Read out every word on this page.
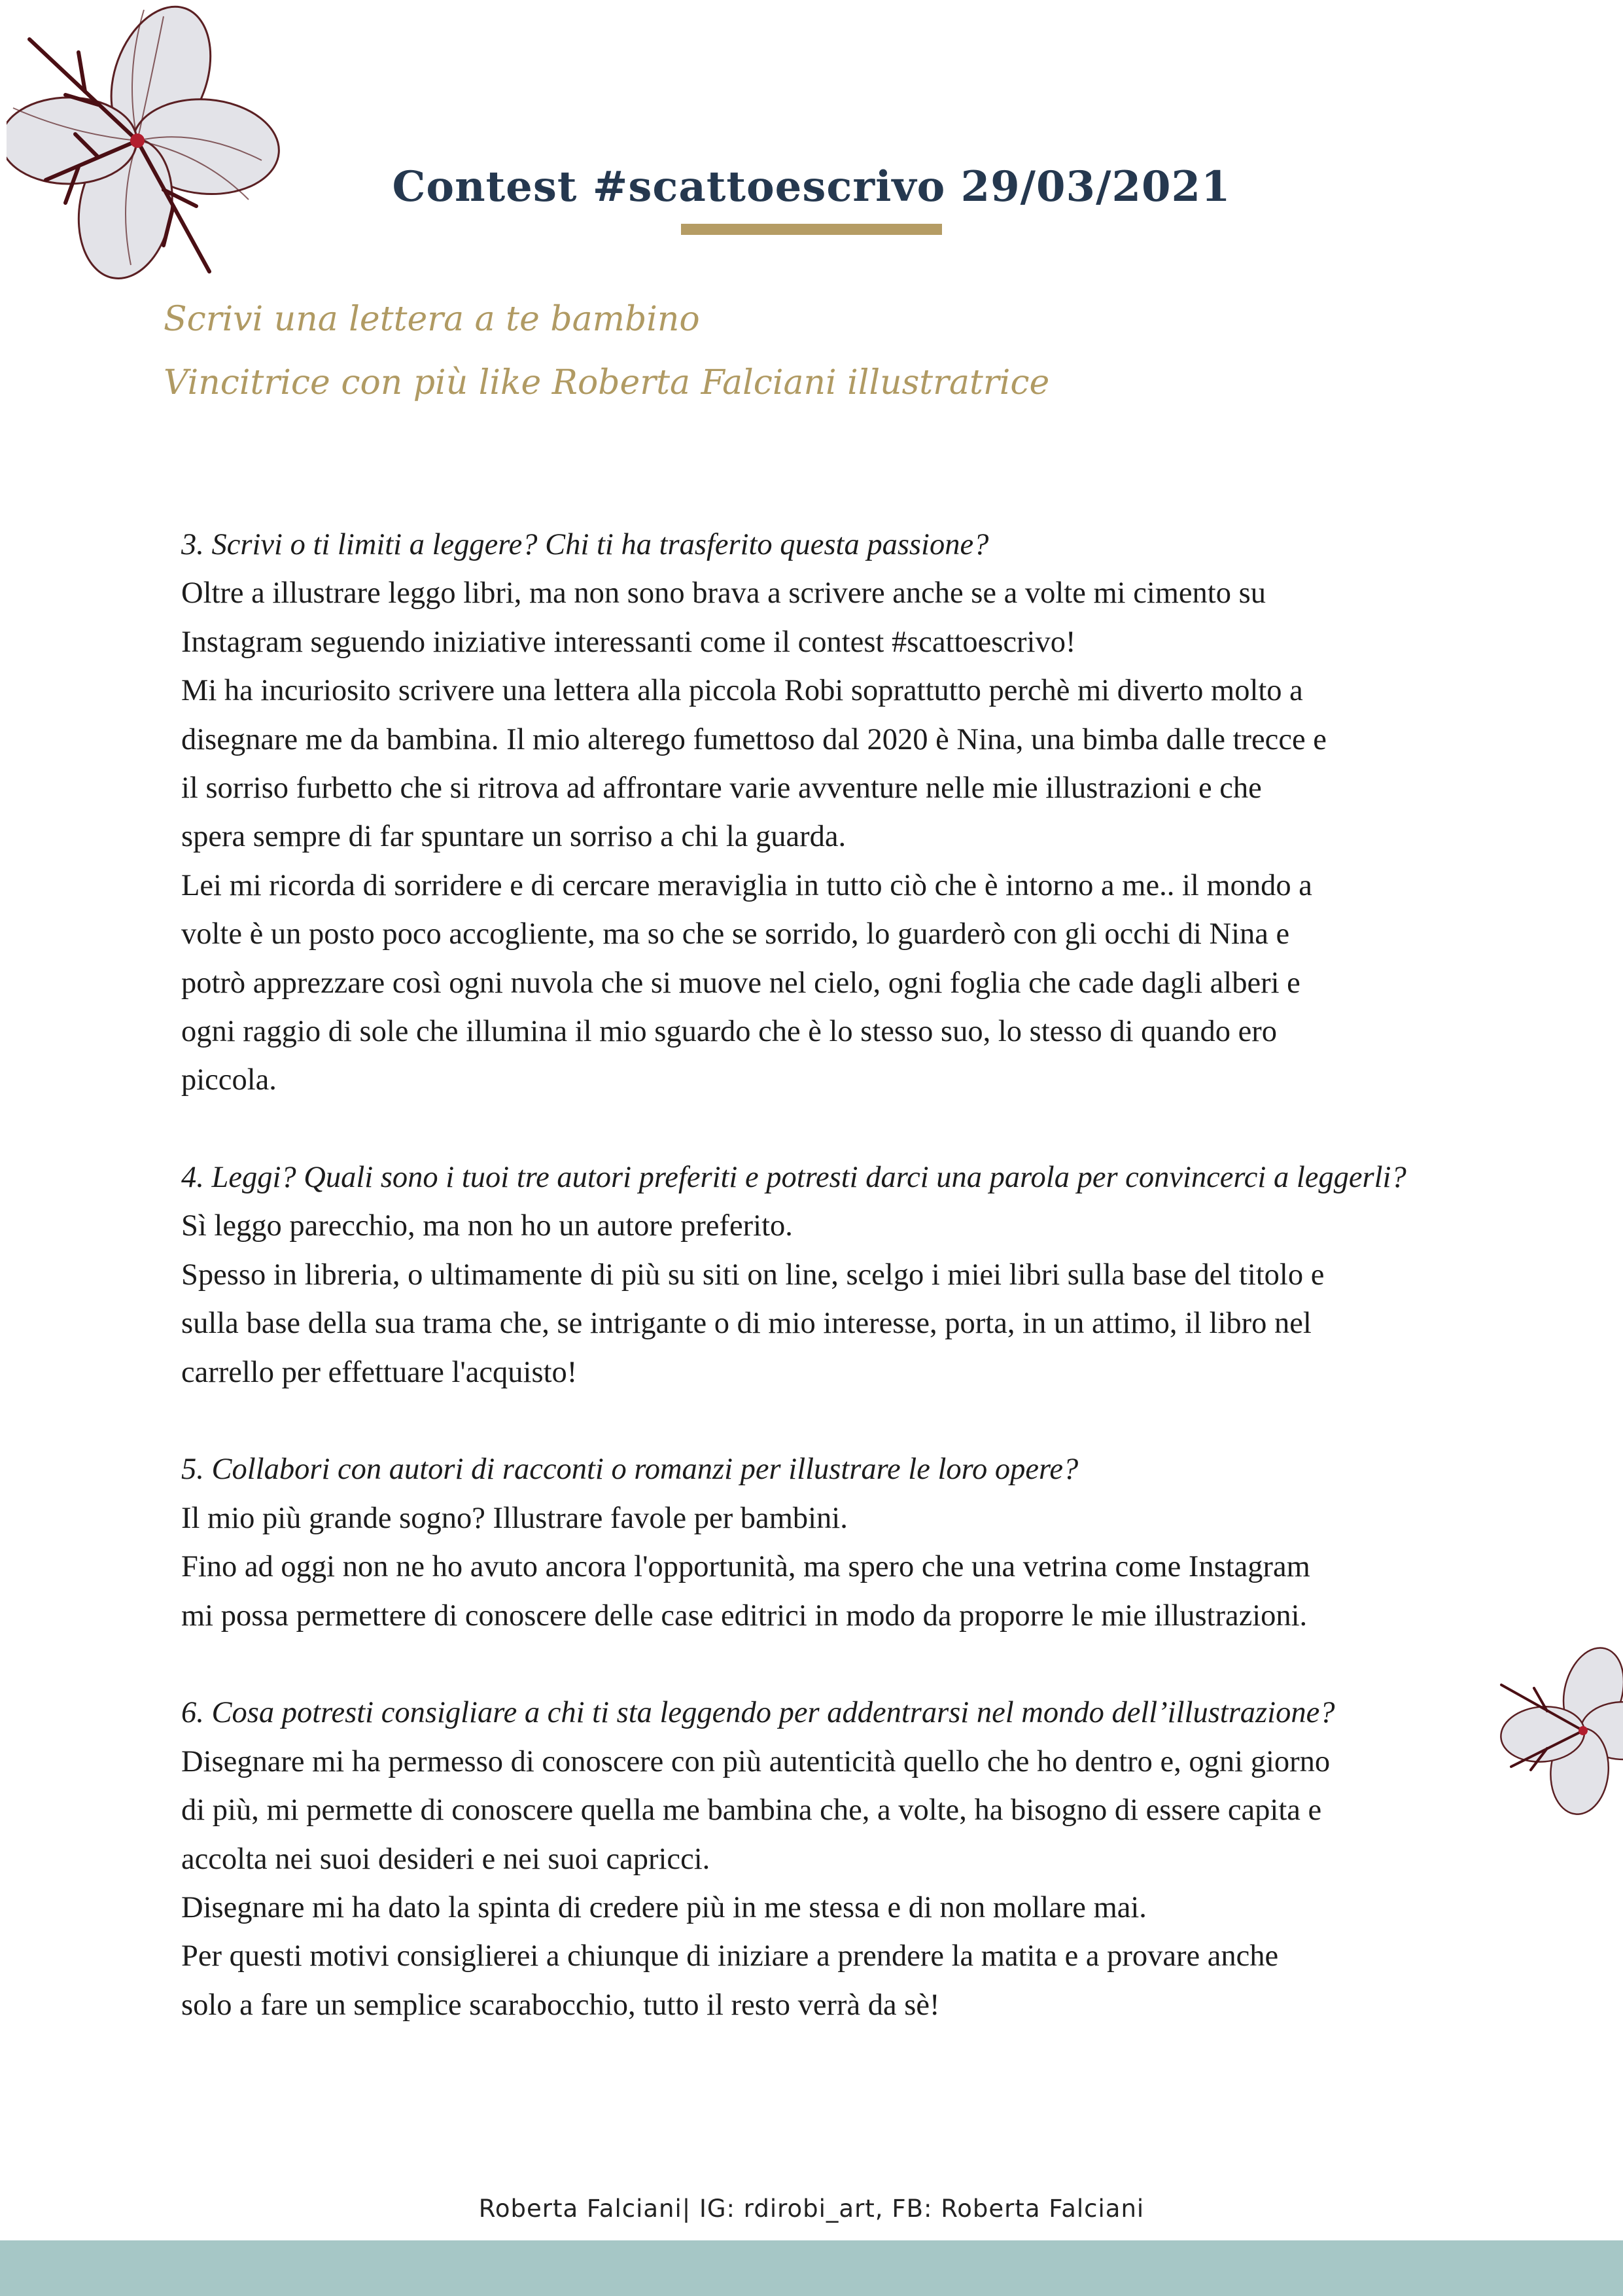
Contest #scattoescrivo 29/03/2021
Scrivi una lettera a te bambino
Vincitrice con più like Roberta Falciani illustratrice
3. Scrivi o ti limiti a leggere? Chi ti ha trasferito questa passione?
Oltre a illustrare leggo libri, ma non sono brava a scrivere anche se a volte mi cimento su
Instagram seguendo iniziative interessanti come il contest #scattoescrivo!
Mi ha incuriosito scrivere una lettera alla piccola Robi soprattutto perchè mi diverto molto a
disegnare me da bambina. Il mio alterego fumettoso dal 2020 è Nina, una bimba dalle trecce e
il sorriso furbetto che si ritrova ad affrontare varie avventure nelle mie illustrazioni e che
spera sempre di far spuntare un sorriso a chi la guarda.
Lei mi ricorda di sorridere e di cercare meraviglia in tutto ciò che è intorno a me.. il mondo a
volte è un posto poco accogliente, ma so che se sorrido, lo guarderò con gli occhi di Nina e
potrò apprezzare così ogni nuvola che si muove nel cielo, ogni foglia che cade dagli alberi e
ogni raggio di sole che illumina il mio sguardo che è lo stesso suo, lo stesso di quando ero
piccola.
4. Leggi? Quali sono i tuoi tre autori preferiti e potresti darci una parola per convincerci a leggerli?
Sì leggo parecchio, ma non ho un autore preferito.
Spesso in libreria, o ultimamente di più su siti on line, scelgo i miei libri sulla base del titolo e
sulla base della sua trama che, se intrigante o di mio interesse, porta, in un attimo, il libro nel
carrello per effettuare l'acquisto!
5. Collabori con autori di racconti o romanzi per illustrare le loro opere?
Il mio più grande sogno? Illustrare favole per bambini.
Fino ad oggi non ne ho avuto ancora l'opportunità, ma spero che una vetrina come Instagram
mi possa permettere di conoscere delle case editrici in modo da proporre le mie illustrazioni.
6. Cosa potresti consigliare a chi ti sta leggendo per addentrarsi nel mondo dell’illustrazione?
Disegnare mi ha permesso di conoscere con più autenticità quello che ho dentro e, ogni giorno
di più, mi permette di conoscere quella me bambina che, a volte, ha bisogno di essere capita e
accolta nei suoi desideri e nei suoi capricci.
Disegnare mi ha dato la spinta di credere più in me stessa e di non mollare mai.
Per questi motivi consiglierei a chiunque di iniziare a prendere la matita e a provare anche
solo a fare un semplice scarabocchio, tutto il resto verrà da sè!
Roberta Falciani| IG: rdirobi_art, FB: Roberta Falciani
